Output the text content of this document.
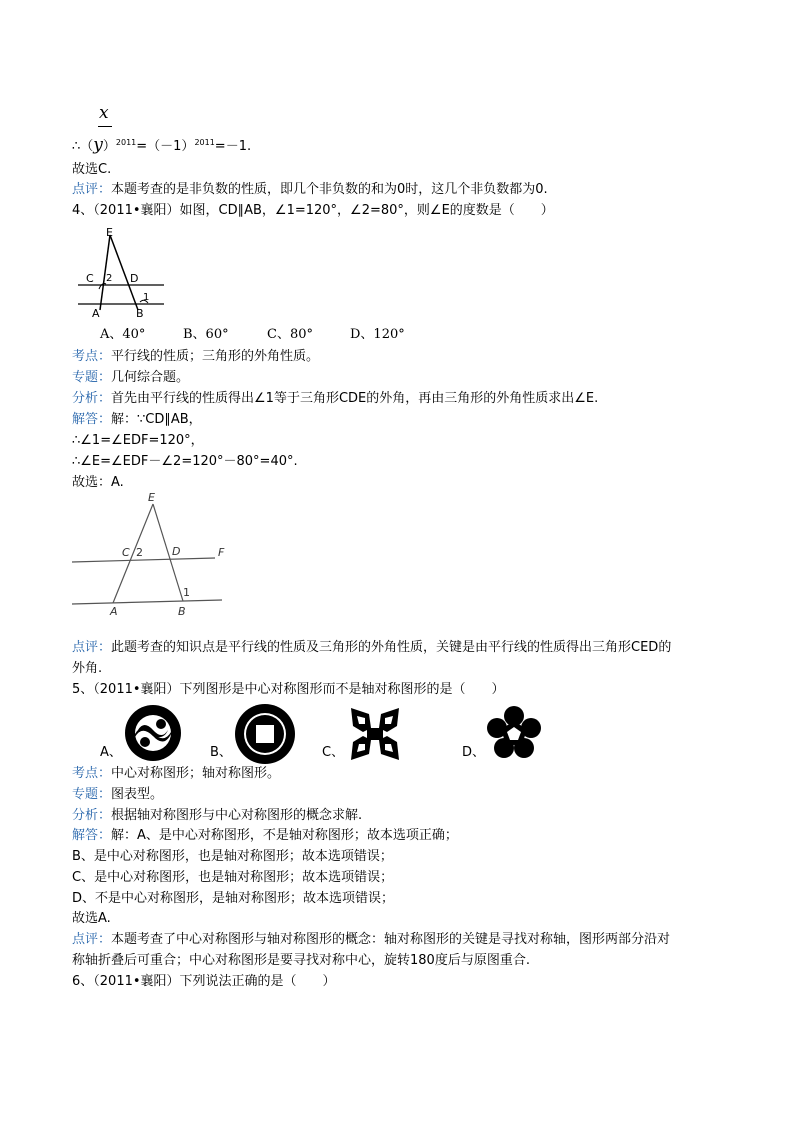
x
$\therefore(y)^{2011}=(-1)^{2011}=-1$.
故选C.
点评：本题考查的是非负数的性质，即几个非负数的和为0时，这几个非负数都为0.
4、（2011•襄阳）如图，CD∥AB，∠1=120°，∠2=80°，则∠E的度数是（　　）
E
C 2 D
1
A	B
A、40°	B、60°	C、80°	D、120°
考点：平行线的性质；三角形的外角性质。
专题：几何综合题。
分析：首先由平行线的性质得出∠1等于三角形CDE的外角，再由三角形的外角性质求出∠E.
解答：解：∵CD∥AB，
∴∠1=∠EDF=120°，
∴∠E=∠EDF－∠2=120°－80°=40°.
故选：A.
E
C 2	D	F
1
A	B
点评：此题考查的知识点是平行线的性质及三角形的外角性质，关键是由平行线的性质得出三角形CED的
外角.
5、（2011•襄阳）下列图形是中心对称图形而不是轴对称图形的是（　　）
A、	B、	C、	D、
考点：中心对称图形；轴对称图形。
专题：图表型。
分析：根据轴对称图形与中心对称图形的概念求解.
解答：解：A、是中心对称图形，不是轴对称图形；故本选项正确；
B、是中心对称图形，也是轴对称图形；故本选项错误；
C、是中心对称图形，也是轴对称图形；故本选项错误；
D、不是中心对称图形，是轴对称图形；故本选项错误；
故选A.
点评：本题考查了中心对称图形与轴对称图形的概念：轴对称图形的关键是寻找对称轴，图形两部分沿对
称轴折叠后可重合；中心对称图形是要寻找对称中心，旋转180度后与原图重合.
6、（2011•襄阳）下列说法正确的是（　　）
